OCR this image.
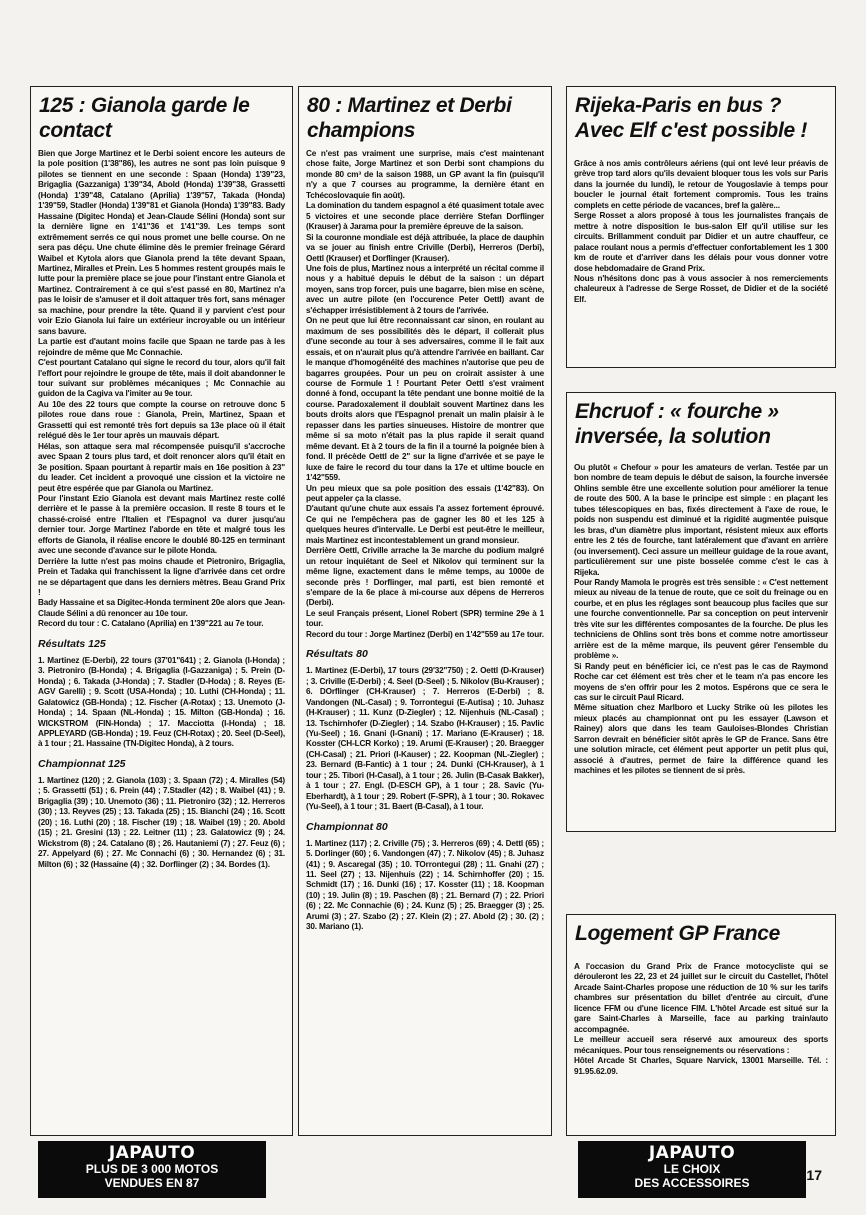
125 : Gianola garde le contact

Bien que Jorge Martinez et le Derbi soient encore les auteurs de la pole position (1'38"86), les autres ne sont pas loin puisque 9 pilotes se tiennent en une seconde : Spaan (Honda) 1'39"23, Brigaglia (Gazzaniga) 1'39"34, Abold (Honda) 1'39"38, Grassetti (Honda) 1'39"48, Catalano (Aprilia) 1'39"57, Takada (Honda) 1'39"59, Stadler (Honda) 1'39"81 et Gianola (Honda) 1'39"83. Bady Hassaine (Digitec Honda) et Jean-Claude Sélini (Honda) sont sur la dernière ligne en 1'41"36 et 1'41"39. Les temps sont extrêmement serrés ce qui nous promet une belle course. On ne sera pas déçu. Une chute élimine dès le premier freinage Gérard Waibel et Kytola alors que Gianola prend la tête devant Spaan, Martinez, Miralles et Prein. Les 5 hommes restent groupés mais le lutte pour la première place se joue pour l'instant entre Gianola et Martinez. Contrairement à ce qui s'est passé en 80, Martinez n'a pas le loisir de s'amuser et il doit attaquer très fort, sans ménager sa machine, pour prendre la tête. Quand il y parvient c'est pour voir Ezio Gianola lui faire un extérieur incroyable ou un intérieur sans bavure.

La partie est d'autant moins facile que Spaan ne tarde pas à les rejoindre de même que Mc Connachie.

C'est pourtant Catalano qui signe le record du tour, alors qu'il fait l'effort pour rejoindre le groupe de tête, mais il doit abandonner le tour suivant sur problèmes mécaniques ; Mc Connachie au guidon de la Cagiva va l'imiter au 9e tour.

Au 10e des 22 tours que compte la course on retrouve donc 5 pilotes roue dans roue : Gianola, Prein, Martinez, Spaan et Grassetti qui est remonté très fort depuis sa 13e place où il était relégué dès le 1er tour après un mauvais départ.

Hélas, son attaque sera mal récompensée puisqu'il s'accroche avec Spaan 2 tours plus tard, et doit renoncer alors qu'il était en 3e position. Spaan pourtant à repartir mais en 16e position à 23" du leader. Cet incident a provoqué une cission et la victoire ne peut être espérée que par Gianola ou Martinez.

Pour l'instant Ezio Gianola est devant mais Martinez reste collé derrière et le passe à la première occasion. Il reste 8 tours et le chassé-croisé entre l'Italien et l'Espagnol va durer jusqu'au dernier tour. Jorge Martinez l'aborde en tête et malgré tous les efforts de Gianola, il réalise encore le doublé 80-125 en terminant avec une seconde d'avance sur le pilote Honda.

Derrière la lutte n'est pas moins chaude et Pietroniro, Brigaglia, Prein et Tadaka qui franchissent la ligne d'arrivée dans cet ordre ne se départagent que dans les derniers mètres. Beau Grand Prix !

Bady Hassaine et sa Digitec-Honda terminent 20e alors que Jean-Claude Sélini a dû renoncer au 10e tour.

Record du tour : C. Catalano (Aprilia) en 1'39"221 au 7e tour.

Résultats 125
1. Martinez (E-Derbi), 22 tours (37'01"641) ; 2. Gianola (I-Honda) ; 3. Pietroniro (B-Honda) ; 4. Brigaglia (I-Gazzaniga) ; 5. Prein (D-Honda) ; 6. Takada (J-Honda) ; 7. Stadler (D-Hoda) ; 8. Reyes (E-AGV Garelli) ; 9. Scott (USA-Honda) ; 10. Luthi (CH-Honda) ; 11. Galatowicz (GB-Honda) ; 12. Fischer (A-Rotax) ; 13. Unemoto (J-Honda) ; 14. Spaan (NL-Honda) ; 15. Milton (GB-Honda) ; 16. WICKSTROM (FIN-Honda) ; 17. Macciotta (I-Honda) ; 18. APPLEYARD (GB-Honda) ; 19. Feuz (CH-Rotax) ; 20. Seel (D-Seel), à 1 tour ; 21. Hassaine (TN-Digitec Honda), à 2 tours.
Championnat 125
1. Martinez (120) ; 2. Gianola (103) ; 3. Spaan (72) ; 4. Miralles (54) ; 5. Grassetti (51) ; 6. Prein (44) ; 7.Stadler (42) ; 8. Waibel (41) ; 9. Brigaglia (39) ; 10. Unemoto (36) ; 11. Pietroniro (32) ; 12. Herreros (30) ; 13. Reyves (25) ; 13. Takada (25) ; 15. Bianchi (24) ; 16. Scott (20) ; 16. Luthi (20) ; 18. Fischer (19) ; 18. Waibel (19) ; 20. Abold (15) ; 21. Gresini (13) ; 22. Leitner (11) ; 23. Galatowicz (9) ; 24. Wickstrom (8) ; 24. Catalano (8) ; 26. Hautaniemi (7) ; 27. Feuz (6) ; 27. Appelyard (6) ; 27. Mc Connachi (6) ; 30. Hernandez (6) ; 31. Milton (6) ; 32 (Hassaine (4) ; 32. Dorflinger (2) ; 34. Bordes (1).
80 : Martinez et Derbi champions

Ce n'est pas vraiment une surprise, mais c'est maintenant chose faite, Jorge Martinez et son Derbi sont champions du monde 80 cm³ de la saison 1988, un GP avant la fin (puisqu'il n'y a que 7 courses au programme, la dernière étant en Tchécoslovaquie fin août).

La domination du tandem espagnol a été quasiment totale avec 5 victoires et une seconde place derrière Stefan Dorflinger (Krauser) à Jarama pour la première épreuve de la saison.

Si la couronne mondiale est déjà attribuée, la place de dauphin va se jouer au finish entre Criville (Derbi), Herreros (Derbi), Oettl (Krauser) et Dorflinger (Krauser).

Une fois de plus, Martinez nous a interprété un récital comme il nous y a habitué depuis le début de la saison : un départ moyen, sans trop forcer, puis une bagarre, bien mise en scène, avec un autre pilote (en l'occurence Peter Oettl) avant de s'échapper irrésistiblement à 2 tours de l'arrivée.

On ne peut que lui être reconnaissant car sinon, en roulant au maximum de ses possibilités dès le départ, il collerait plus d'une seconde au tour à ses adversaires, comme il le fait aux essais, et on n'aurait plus qu'à attendre l'arrivée en baillant. Car le manque d'homogénéité des machines n'autorise que peu de bagarres groupées. Pour un peu on croirait assister à une course de Formule 1 ! Pourtant Peter Oettl s'est vraiment donné à fond, occupant la tête pendant une bonne moitié de la course. Paradoxalement il doublait souvent Martinez dans les bouts droits alors que l'Espagnol prenait un malin plaisir à le repasser dans les parties sinueuses. Histoire de montrer que même si sa moto n'était pas la plus rapide il serait quand même devant. Et à 2 tours de la fin il a tourné la poignée bien à fond. Il précède Oettl de 2" sur la ligne d'arrivée et se paye le luxe de faire le record du tour dans la 17e et ultime boucle en 1'42"559.

Un peu mieux que sa pole position des essais (1'42"83). On peut appeler ça la classe.

D'autant qu'une chute aux essais l'a assez fortement éprouvé. Ce qui ne l'empêchera pas de gagner les 80 et les 125 à quelques heures d'intervalle. Le Derbi est peut-être le meilleur, mais Martinez est incontestablement un grand monsieur.

Derrière Oettl, Criville arrache la 3e marche du podium malgré un retour inquiétant de Seel et Nikolov qui terminent sur la même ligne, exactement dans le même temps, au 1000e de seconde près ! Dorflinger, mal parti, est bien remonté et s'empare de la 6e place à mi-course aux dépens de Herreros (Derbi).

Le seul Français présent, Lionel Robert (SPR) termine 29e à 1 tour.

Record du tour : Jorge Martinez (Derbi) en 1'42"559 au 17e tour.

Résultats 80
1. Martinez (E-Derbi), 17 tours (29'32"750) ; 2. Oettl (D-Krauser) ; 3. Criville (E-Derbi) ; 4. Seel (D-Seel) ; 5. Nikolov (Bu-Krauser) ; 6. DOrflinger (CH-Krauser) ; 7. Herreros (E-Derbi) ; 8. Vandongen (NL-Casal) ; 9. Torrontegui (E-Autisa) ; 10. Juhasz (H-Krauser) ; 11. Kunz (D-Ziegler) ; 12. Nijenhuis (NL-Casal) ; 13. Tschirnhofer (D-Ziegler) ; 14. Szabo (H-Krauser) ; 15. Pavlic (Yu-Seel) ; 16. Gnani (I-Gnani) ; 17. Mariano (E-Krauser) ; 18. Kosster (CH-LCR Korko) ; 19. Arumi (E-Krauser) ; 20. Braegger (CH-Casal) ; 21. Priori (I-Kauser) ; 22. Koopman (NL-Ziegler) ; 23. Bernard (B-Fantic) à 1 tour ; 24. Dunki (CH-Krauser), à 1 tour ; 25. Tibori (H-Casal), à 1 tour ; 26. Julin (B-Casak Bakker), à 1 tour ; 27. Engl. (D-ESCH GP), à 1 tour ; 28. Savic (Yu-Eberhardt), à 1 tour ; 29. Robert (F-SPR), à 1 tour ; 30. Rokavec (Yu-Seel), à 1 tour ; 31. Baert (B-Casal), à 1 tour.
Championnat 80
1. Martinez (117) ; 2. Criville (75) ; 3. Herreros (69) ; 4. Dettl (65) ; 5. Dorlinger (60) ; 6. Vandongen (47) ; 7. Nikolov (45) ; 8. Juhasz (41) ; 9. Ascaregal (35) ; 10. TOrrontegui (28) ; 11. Gnahi (27) ; 11. Seel (27) ; 13. Nijenhuis (22) ; 14. Schirnhoffer (20) ; 15. Schmidt (17) ; 16. Dunki (16) ; 17. Kosster (11) ; 18. Koopman (10) ; 19. Julin (8) ; 19. Paschen (8) ; 21. Bernard (7) ; 22. Priori (6) ; 22. Mc Connachie (6) ; 24. Kunz (5) ; 25. Braegger (3) ; 25. Arumi (3) ; 27. Szabo (2) ; 27. Klein (2) ; 27. Abold (2) ; 30. (2) ; 30. Mariano (1).
Rijeka-Paris en bus ? Avec Elf c'est possible !

Grâce à nos amis contrôleurs aériens (qui ont levé leur préavis de grève trop tard alors qu'ils devaient bloquer tous les vols sur Paris dans la journée du lundi), le retour de Yougoslavie à temps pour boucler le journal était fortement compromis. Tous les trains complets en cette période de vacances, bref la galère...

Serge Rosset a alors proposé à tous les journalistes français de mettre à notre disposition le bus-salon Elf qu'il utilise sur les circuits. Brillamment conduit par Didier et un autre chauffeur, ce palace roulant nous a permis d'effectuer confortablement les 1 300 km de route et d'arriver dans les délais pour vous donner votre dose hebdomadaire de Grand Prix.

Nous n'hésitons donc pas à vous associer à nos remerciements chaleureux à l'adresse de Serge Rosset, de Didier et de la société Elf.

Ehcruof : « fourche » inversée, la solution

Ou plutôt « Chefour » pour les amateurs de verlan. Testée par un bon nombre de team depuis le début de saison, la fourche inversée Ohlins semble être une excellente solution pour améliorer la tenue de route des 500. A la base le principe est simple : en plaçant les tubes télescopiques en bas, fixés directement à l'axe de roue, le poids non suspendu est diminué et la rigidité augmentée puisque les bras, d'un diamètre plus important, résistent mieux aux efforts entre les 2 tés de fourche, tant latéralement que d'avant en arrière (ou inversement). Ceci assure un meilleur guidage de la roue avant, particulièrement sur une piste bosselée comme c'est le cas à Rijeka.

Pour Randy Mamola le progrès est très sensible : « C'est nettement mieux au niveau de la tenue de route, que ce soit du freinage ou en courbe, et en plus les réglages sont beaucoup plus faciles que sur une fourche conventionnelle. Par sa conception on peut intervenir très vite sur les différentes composantes de la fourche. De plus les techniciens de Ohlins sont très bons et comme notre amortisseur arrière est de la même marque, ils peuvent gérer l'ensemble du problème ».

Si Randy peut en bénéficier ici, ce n'est pas le cas de Raymond Roche car cet élément est très cher et le team n'a pas encore les moyens de s'en offrir pour les 2 motos. Espérons que ce sera le cas sur le circuit Paul Ricard.

Même situation chez Marlboro et Lucky Strike où les pilotes les mieux placés au championnat ont pu les essayer (Lawson et Rainey) alors que dans les team Gauloises-Blondes Christian Sarron devrait en bénéficier sitôt après le GP de France. Sans être une solution miracle, cet élément peut apporter un petit plus qui, associé à d'autres, permet de faire la différence quand les machines et les pilotes se tiennent de si près.

Logement GP France

A l'occasion du Grand Prix de France motocycliste qui se dérouleront les 22, 23 et 24 juillet sur le circuit du Castellet, l'hôtel Arcade Saint-Charles propose une réduction de 10 % sur les tarifs chambres sur présentation du billet d'entrée au circuit, d'une licence FFM ou d'une licence FIM. L'hôtel Arcade est situé sur la gare Saint-Charles à Marseille, face au parking train/auto accompagnée.

Le meilleur accueil sera réservé aux amoureux des sports mécaniques. Pour tous renseignements ou réservations :

Hôtel Arcade St Charles, Square Narvick, 13001 Marseille. Tél. : 91.95.62.09.

JAPAUTO
PLUS DE 3 000 MOTOS
VENDUES EN 87
JAPAUTO
LE CHOIX
DES ACCESSOIRES	17
